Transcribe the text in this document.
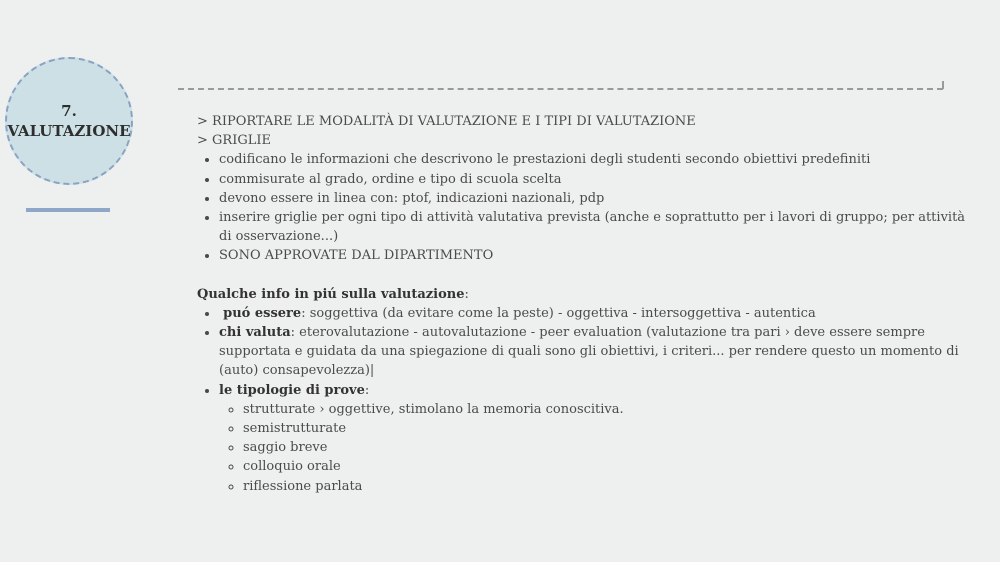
7.
VALUTAZIONE

> RIPORTARE LE MODALITÀ DI VALUTAZIONE E I TIPI DI VALUTAZIONE

> GRIGLIE

• codificano le informazioni che descrivono le prestazioni degli studenti secondo obiettivi predefiniti
• commisurate al grado, ordine e tipo di scuola scelta
• devono essere in linea con: ptof, indicazioni nazionali, pdp
• inserire griglie per ogni tipo di attività valutativa prevista (anche e soprattutto per i lavori di gruppo; per attività di osservazione...)
• SONO APPROVATE DAL DIPARTIMENTO

Qualche info in piú sulla valutazione:

• puó essere: soggettiva (da evitare come la peste) - oggettiva - intersoggettiva - autentica
• chi valuta: eterovalutazione - autovalutazione - peer evaluation (valutazione tra pari › deve essere sempre supportata e guidata da una spiegazione di quali sono gli obiettivi, i criteri... per rendere questo un momento di (auto) consapevolezza)|
• le tipologie di prove:
◦ strutturate › oggettive, stimolano la memoria conoscitiva.
◦ semistrutturate
◦ saggio breve
◦ colloquio orale
◦ riflessione parlata
